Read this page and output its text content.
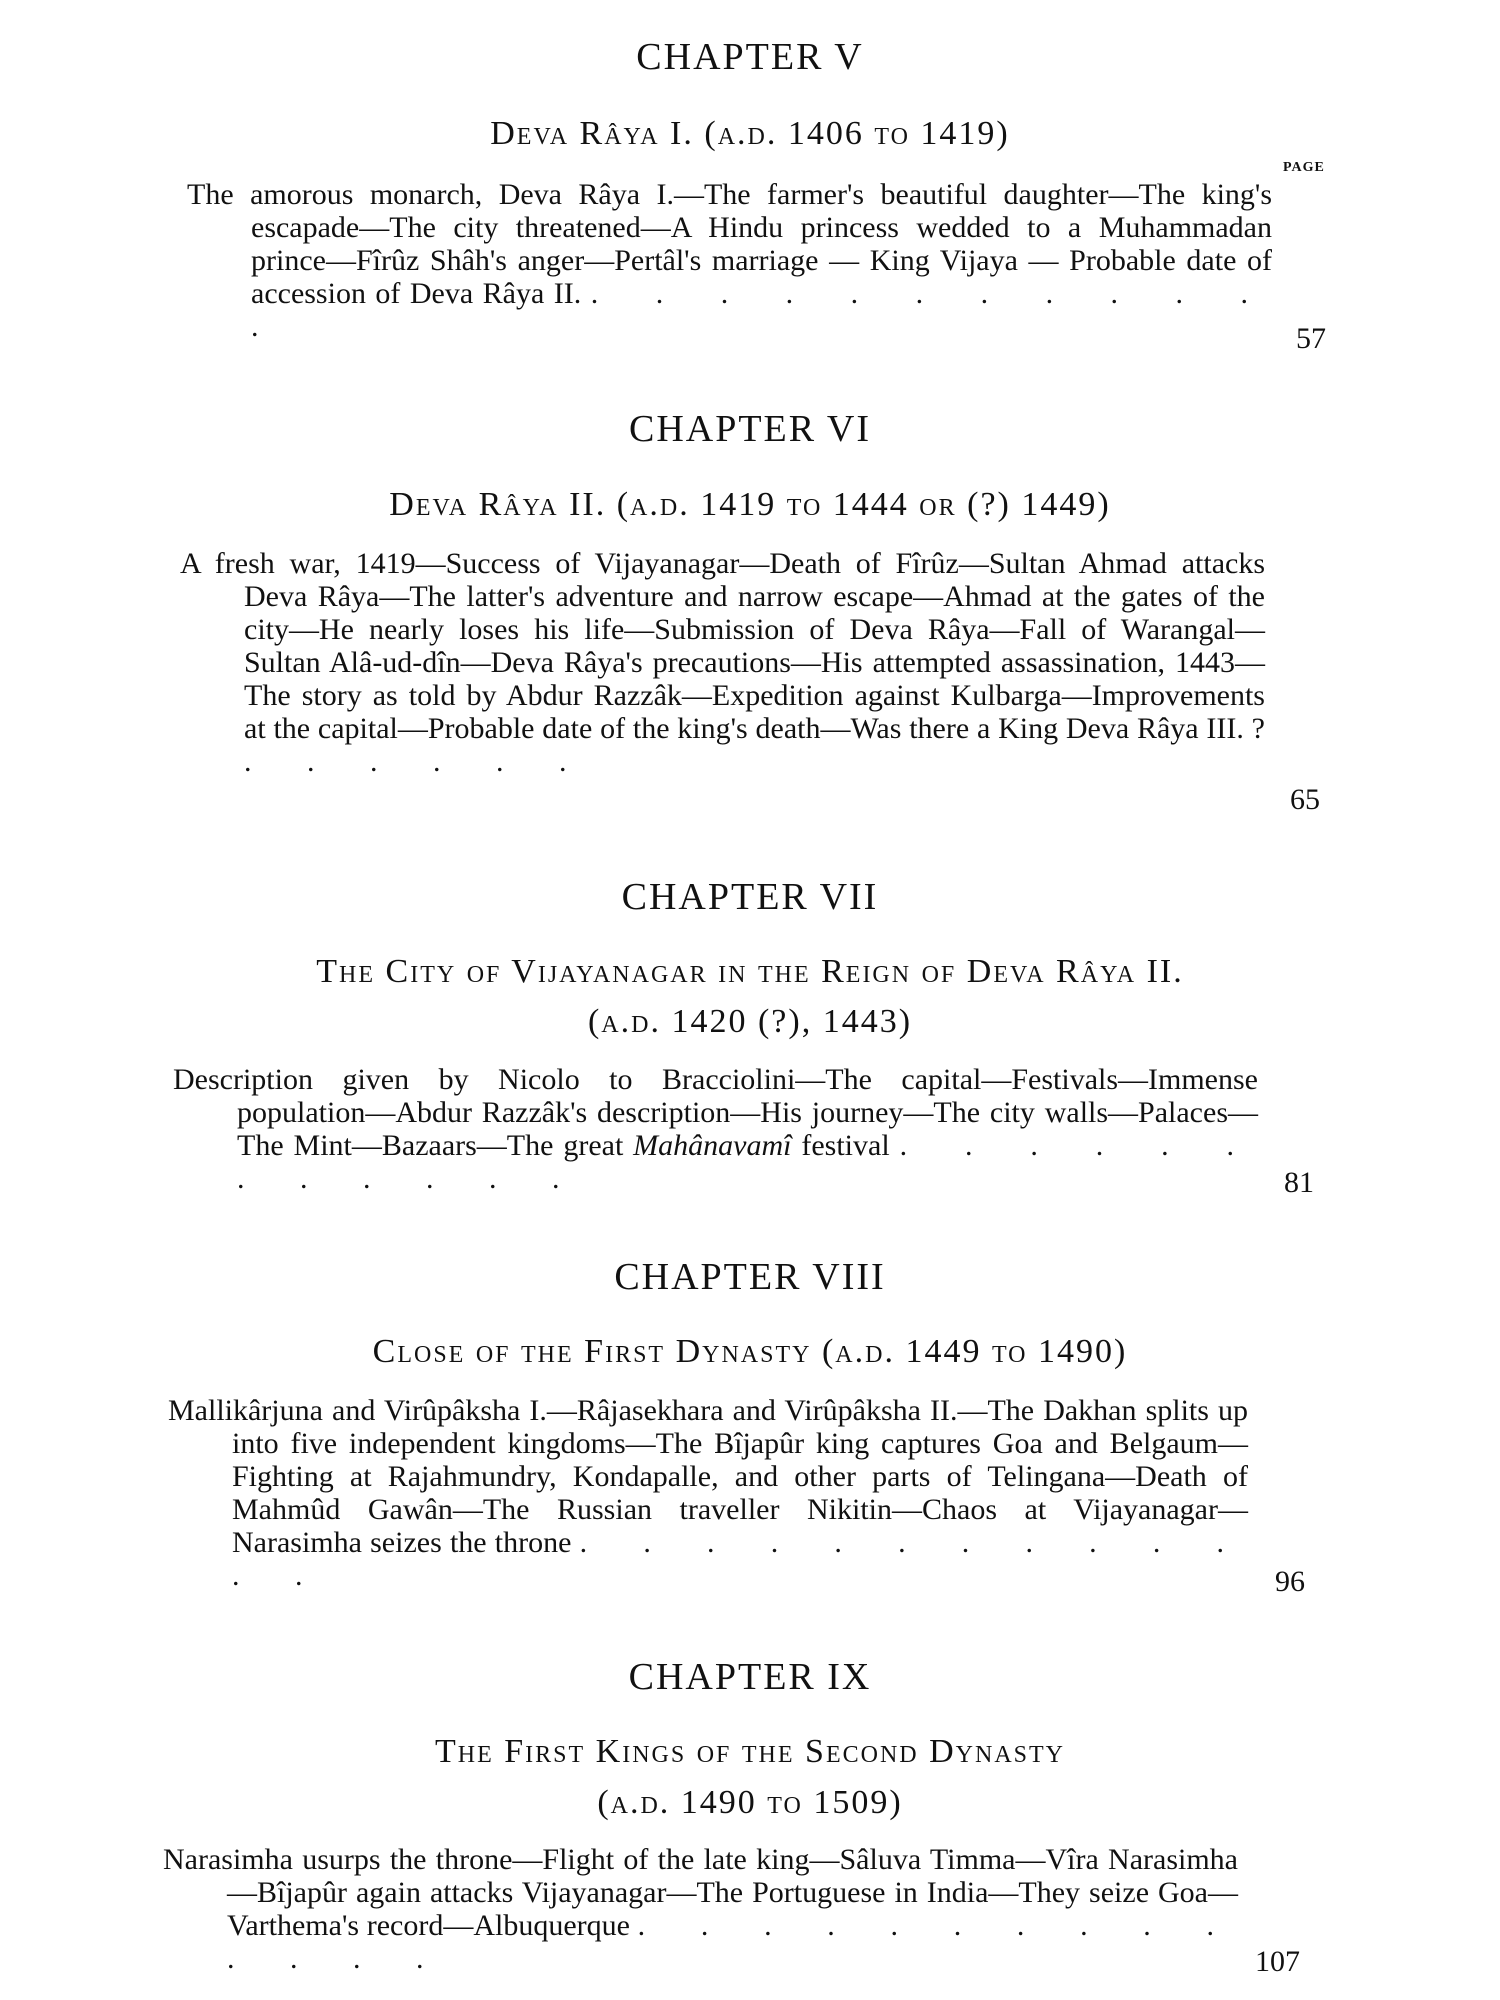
PAGE
CHAPTER V
Deva Râya I. (a.d. 1406 to 1419)
The amorous monarch, Deva Râya I.—The farmer's beautiful daughter—The king's escapade—The city threatened—A Hindu princess wedded to a Muhammadan prince—Fîrûz Shâh's anger—Pertâl's marriage — King Vijaya — Probable date of accession of Deva Râya II. . . . . . . . . . . . .	57
CHAPTER VI
Deva Râya II. (a.d. 1419 to 1444 or (?) 1449)
A fresh war, 1419—Success of Vijayanagar—Death of Fîrûz—Sultan Ahmad attacks Deva Râya—The latter's adventure and narrow escape—Ahmad at the gates of the city—He nearly loses his life—Submission of Deva Râya—Fall of Warangal—Sultan Alâ-ud-dîn—Deva Râya's precautions—His attempted assassination, 1443—The story as told by Abdur Razzâk—Expedition against Kulbarga—Improvements at the capital—Probable date of the king's death—Was there a King Deva Râya III. ? . . . . . .
65
CHAPTER VII
The City of Vijayanagar in the Reign of Deva Râya II.
(a.d. 1420 (?), 1443)
Description given by Nicolo to Bracciolini—The capital—Festivals—Immense population—Abdur Razzâk's description—His journey—The city walls—Palaces—The Mint—Bazaars—The great Mahânavamî festival . . . . . . . . . . . .	81
CHAPTER VIII
Close of the First Dynasty (a.d. 1449 to 1490)
Mallikârjuna and Virûpâksha I.—Râjasekhara and Virûpâksha II.—The Dakhan splits up into five independent kingdoms—The Bîjapûr king captures Goa and Belgaum—Fighting at Rajahmundry, Kondapalle, and other parts of Telingana—Death of Mahmûd Gawân—The Russian traveller Nikitin—Chaos at Vijayanagar—Narasimha seizes the throne . . . . . . . . . . . . .	96
CHAPTER IX
The First Kings of the Second Dynasty
(a.d. 1490 to 1509)
Narasimha usurps the throne—Flight of the late king—Sâluva Timma—Vîra Narasimha—Bîjapûr again attacks Vijayanagar—The Portuguese in India—They seize Goa—Varthema's record—Albuquerque . . . . . . . . . . . . . .	107
